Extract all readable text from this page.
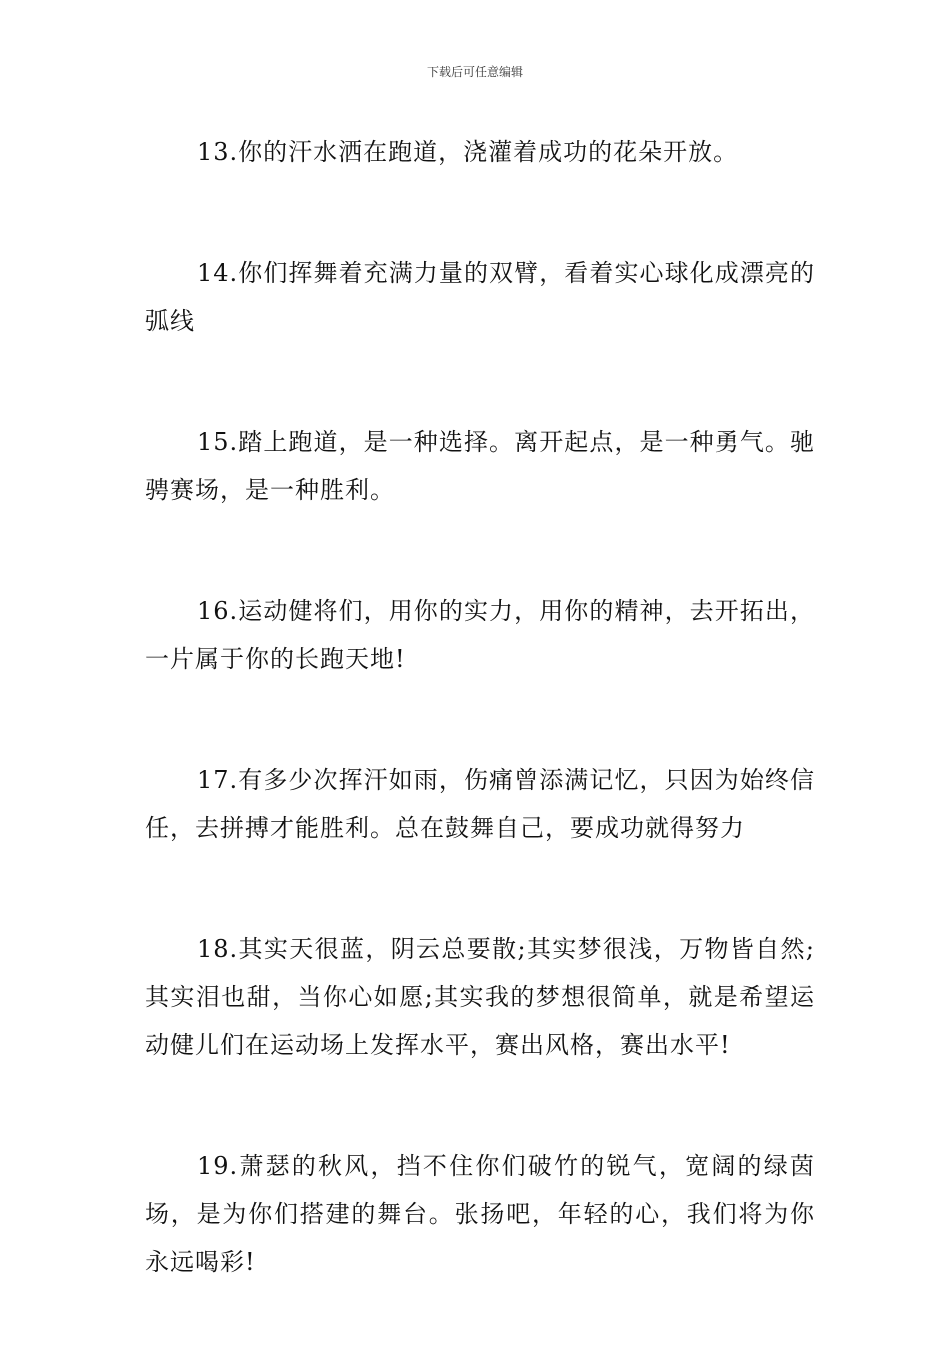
下载后可任意编辑

13.你的汗水洒在跑道，浇灌着成功的花朵开放。

14.你们挥舞着充满力量的双臂，看着实心球化成漂亮的弧线

15.踏上跑道，是一种选择。离开起点，是一种勇气。驰骋赛场，是一种胜利。

16.运动健将们，用你的实力，用你的精神，去开拓出，一片属于你的长跑天地!

17.有多少次挥汗如雨，伤痛曾添满记忆，只因为始终信任，去拼搏才能胜利。总在鼓舞自己，要成功就得努力

18.其实天很蓝，阴云总要散;其实梦很浅，万物皆自然;其实泪也甜，当你心如愿;其实我的梦想很简单，就是希望运动健儿们在运动场上发挥水平，赛出风格，赛出水平!

19.萧瑟的秋风，挡不住你们破竹的锐气，宽阔的绿茵场，是为你们搭建的舞台。张扬吧，年轻的心，我们将为你永远喝彩!
